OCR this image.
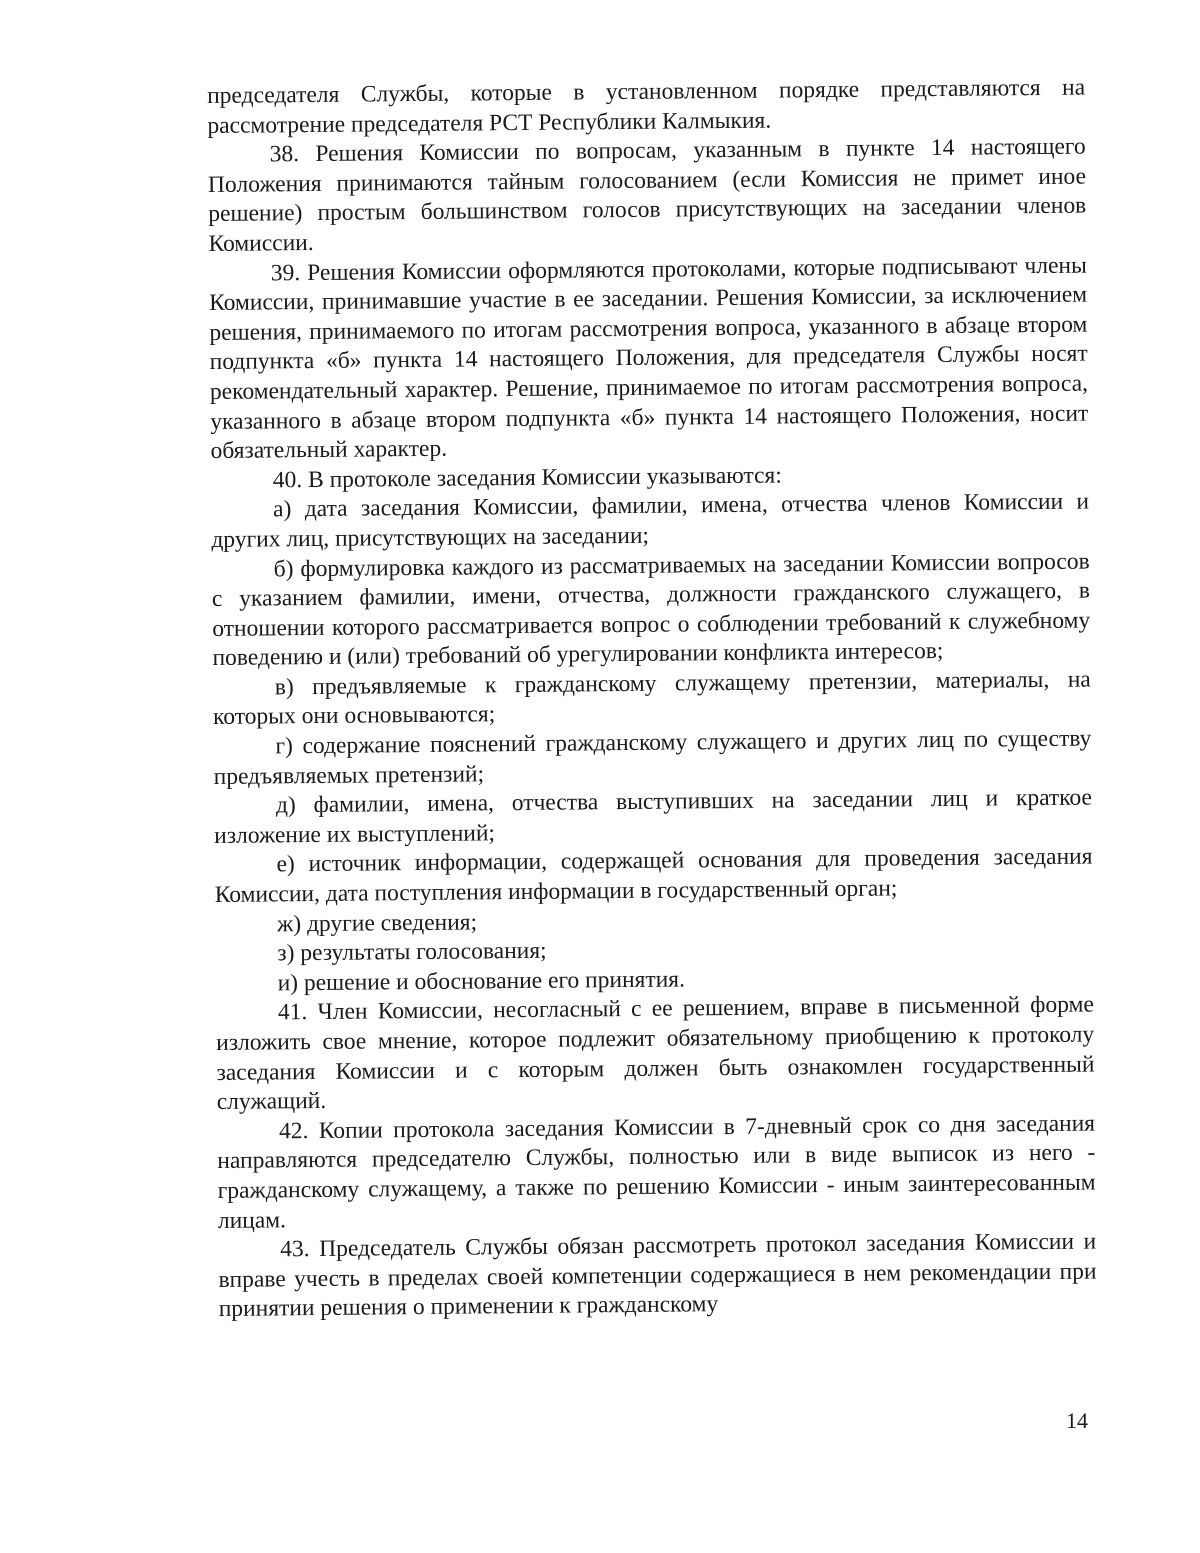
председателя Службы, которые в установленном порядке представляются на рассмотрение председателя РСТ Республики Калмыкия.

38. Решения Комиссии по вопросам, указанным в пункте 14 настоящего Положения принимаются тайным голосованием (если Комиссия не примет иное решение) простым большинством голосов присутствующих на заседании членов Комиссии.

39. Решения Комиссии оформляются протоколами, которые подписывают члены Комиссии, принимавшие участие в ее заседании. Решения Комиссии, за исключением решения, принимаемого по итогам рассмотрения вопроса, указанного в абзаце втором подпункта «б» пункта 14 настоящего Положения, для председателя Службы носят рекомендательный характер. Решение, принимаемое по итогам рассмотрения вопроса, указанного в абзаце втором подпункта «б» пункта 14 настоящего Положения, носит обязательный характер.

40. В протоколе заседания Комиссии указываются:

а) дата заседания Комиссии, фамилии, имена, отчества членов Комиссии и других лиц, присутствующих на заседании;

б) формулировка каждого из рассматриваемых на заседании Комиссии вопросов с указанием фамилии, имени, отчества, должности гражданского служащего, в отношении которого рассматривается вопрос о соблюдении требований к служебному поведению и (или) требований об урегулировании конфликта интересов;

в) предъявляемые к гражданскому служащему претензии, материалы, на которых они основываются;

г) содержание пояснений гражданскому служащего и других лиц по существу предъявляемых претензий;

д) фамилии, имена, отчества выступивших на заседании лиц и краткое изложение их выступлений;

е) источник информации, содержащей основания для проведения заседания Комиссии, дата поступления информации в государственный орган;

ж) другие сведения;

з) результаты голосования;

и) решение и обоснование его принятия.

41. Член Комиссии, несогласный с ее решением, вправе в письменной форме изложить свое мнение, которое подлежит обязательному приобщению к протоколу заседания Комиссии и с которым должен быть ознакомлен государственный служащий.

42. Копии протокола заседания Комиссии в 7-дневный срок со дня заседания направляются председателю Службы, полностью или в виде выписок из него - гражданскому служащему, а также по решению Комиссии - иным заинтересованным лицам.

43. Председатель Службы обязан рассмотреть протокол заседания Комиссии и вправе учесть в пределах своей компетенции содержащиеся в нем рекомендации при принятии решения о применении к гражданскому

14
